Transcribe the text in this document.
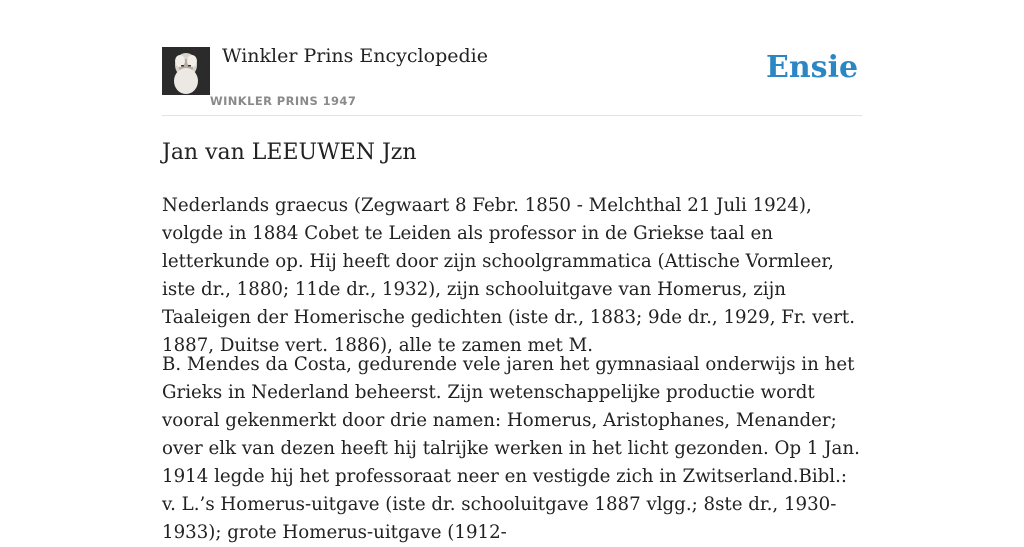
Winkler Prins Encyclopedie
WINKLER PRINS 1947
Ensie
Jan van LEEUWEN Jzn

Nederlands graecus (Zegwaart 8 Febr. 1850 - Melchthal 21 Juli 1924), volgde in 1884 Cobet te Leiden als professor in de Griekse taal en letterkunde op. Hij heeft door zijn schoolgrammatica (Attische Vormleer, iste dr., 1880; 11de dr., 1932), zijn schooluitgave van Homerus, zijn Taaleigen der Homerische gedichten (iste dr., 1883; 9de dr., 1929, Fr. vert. 1887, Duitse vert. 1886), alle te zamen met M.

B. Mendes da Costa, gedurende vele jaren het gymnasiaal onderwijs in het Grieks in Nederland beheerst. Zijn wetenschappelijke productie wordt vooral gekenmerkt door drie namen: Homerus, Aristophanes, Menander; over elk van dezen heeft hij talrijke werken in het licht gezonden. Op 1 Jan. 1914 legde hij het professoraat neer en vestigde zich in Zwitserland.Bibl.: v. L.’s Homerus-uitgave (iste dr. schooluitgave 1887 vlgg.; 8ste dr., 1930-1933); grote Homerus-uitgave (1912-
